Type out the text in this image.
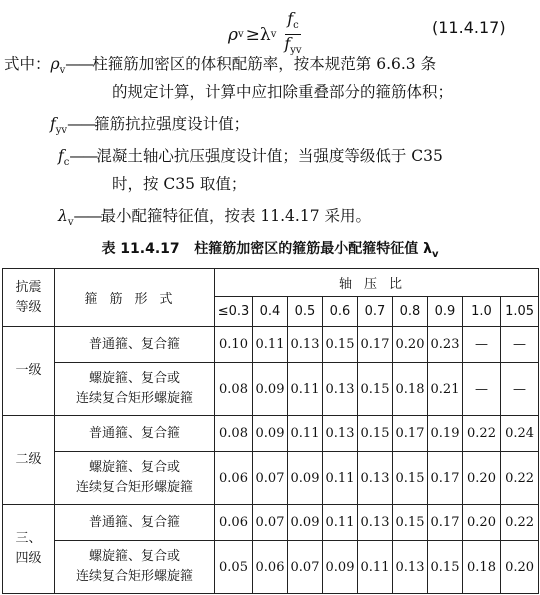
ρ v ≥λ v $\frac{f_c}{f_{yv}}$	(11.4.17)
式中：$\rho_v——$柱箍筋加密区的体积配筋率，按本规范第 6.6.3 条
的规定计算，计算中应扣除重叠部分的箍筋体积；
$f_{yv}——$箍筋抗拉强度设计值；
$f_c——$混凝土轴心抗压强度设计值；当强度等级低于 C35
时，按 C35 取值；
$\lambda_v——$最小配箍特征值，按表 11.4.17 采用。
表 11.4.17 柱箍筋加密区的箍筋最小配箍特征值 $\lambda_v$
抗震等级	箍筋形式	轴压比								
		≤0.3	0.4	0.5	0.6	0.7	0.8	0.9	1.0	1.05
一级	普通箍、复合箍	0.10	0.11	0.13	0.15	0.17	0.20	0.23	—	—

	螺旋箍、复合或
连续复合矩形螺旋箍	0.08	0.09	0.11	0.13	0.15	0.18	0.21	—	—
二级	普通箍、复合箍	0.08	0.09	0.11	0.13	0.15	0.17	0.19	0.22	0.24

	螺旋箍、复合或
连续复合矩形螺旋箍	0.06	0.07	0.09	0.11	0.13	0.15	0.17	0.20	0.22
三、四级	普通箍、复合箍	0.06	0.07	0.09	0.11	0.13	0.15	0.17	0.20	0.22

	螺旋箍、复合或
连续复合矩形螺旋箍	0.05	0.06	0.07	0.09	0.11	0.13	0.15	0.18	0.20
